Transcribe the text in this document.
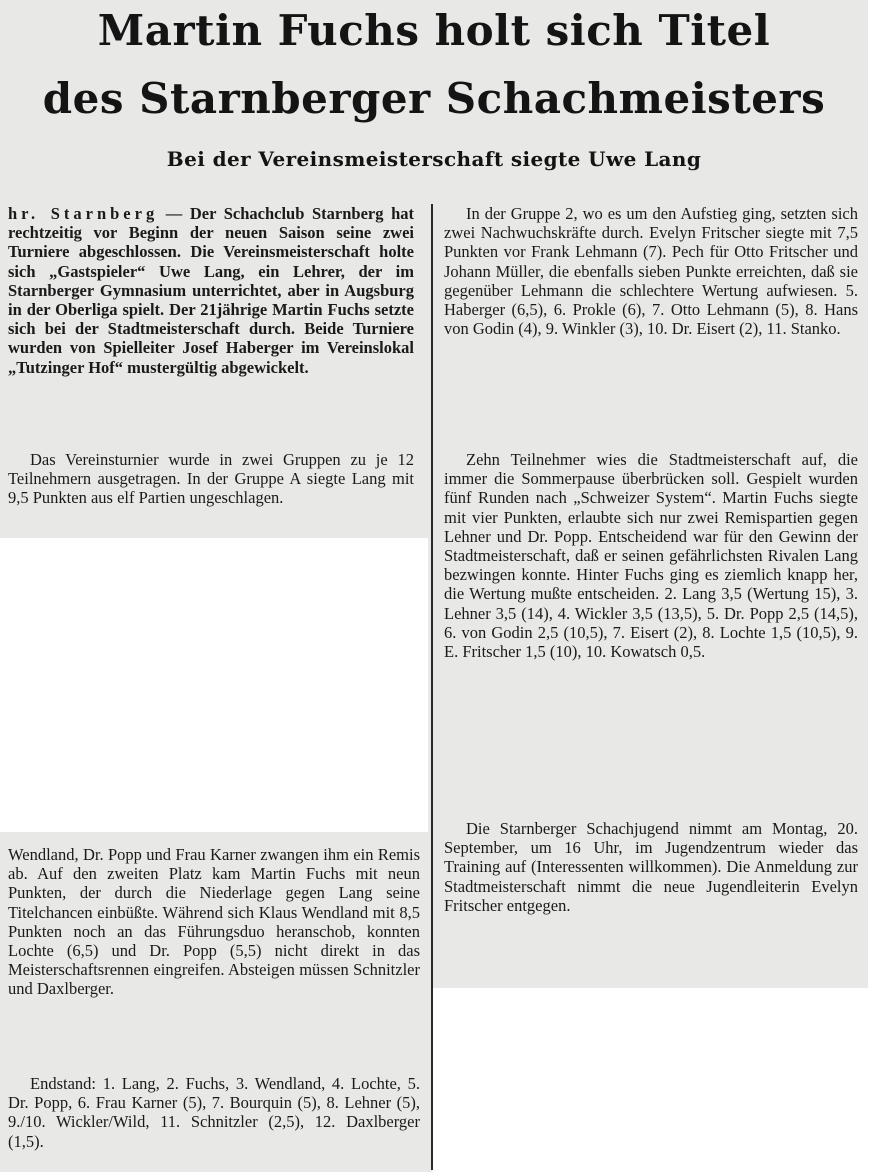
Martin Fuchs holt sich Titel
des Starnberger Schachmeisters
Bei der Vereinsmeisterschaft siegte Uwe Lang

hr. Starnberg — Der Schachclub Starnberg hat rechtzeitig vor Beginn der neuen Saison seine zwei Turniere abgeschlossen. Die Vereinsmeisterschaft holte sich „Gastspieler“ Uwe Lang, ein Lehrer, der im Starnberger Gymnasium unterrichtet, aber in Augsburg in der Oberliga spielt. Der 21jährige Martin Fuchs setzte sich bei der Stadtmeisterschaft durch. Beide Turniere wurden von Spielleiter Josef Haberger im Vereinslokal „Tutzinger Hof“ mustergültig abgewickelt.

Das Vereinsturnier wurde in zwei Gruppen zu je 12 Teilnehmern ausgetragen. In der Gruppe A siegte Lang mit 9,5 Punkten aus elf Partien ungeschlagen.

Wendland, Dr. Popp und Frau Karner zwangen ihm ein Remis ab. Auf den zweiten Platz kam Martin Fuchs mit neun Punkten, der durch die Niederlage gegen Lang seine Titelchancen einbüßte. Während sich Klaus Wendland mit 8,5 Punkten noch an das Führungsduo heranschob, konnten Lochte (6,5) und Dr. Popp (5,5) nicht direkt in das Meisterschaftsrennen eingreifen. Absteigen müssen Schnitzler und Daxlberger.

Endstand: 1. Lang, 2. Fuchs, 3. Wendland, 4. Lochte, 5. Dr. Popp, 6. Frau Karner (5), 7. Bourquin (5), 8. Lehner (5), 9./10. Wickler/Wild, 11. Schnitzler (2,5), 12. Daxlberger (1,5).

In der Gruppe 2, wo es um den Aufstieg ging, setzten sich zwei Nachwuchskräfte durch. Evelyn Fritscher siegte mit 7,5 Punkten vor Frank Lehmann (7). Pech für Otto Fritscher und Johann Müller, die ebenfalls sieben Punkte erreichten, daß sie gegenüber Lehmann die schlechtere Wertung aufwiesen. 5. Haberger (6,5), 6. Prokle (6), 7. Otto Lehmann (5), 8. Hans von Godin (4), 9. Winkler (3), 10. Dr. Eisert (2), 11. Stanko.

Zehn Teilnehmer wies die Stadtmeisterschaft auf, die immer die Sommerpause überbrücken soll. Gespielt wurden fünf Runden nach „Schweizer System“. Martin Fuchs siegte mit vier Punkten, erlaubte sich nur zwei Remispartien gegen Lehner und Dr. Popp. Entscheidend war für den Gewinn der Stadtmeisterschaft, daß er seinen gefährlichsten Rivalen Lang bezwingen konnte. Hinter Fuchs ging es ziemlich knapp her, die Wertung mußte entscheiden. 2. Lang 3,5 (Wertung 15), 3. Lehner 3,5 (14), 4. Wickler 3,5 (13,5), 5. Dr. Popp 2,5 (14,5), 6. von Godin 2,5 (10,5), 7. Eisert (2), 8. Lochte 1,5 (10,5), 9. E. Fritscher 1,5 (10), 10. Kowatsch 0,5.

Die Starnberger Schachjugend nimmt am Montag, 20. September, um 16 Uhr, im Jugendzentrum wieder das Training auf (Interessenten willkommen). Die Anmeldung zur Stadtmeisterschaft nimmt die neue Jugendleiterin Evelyn Fritscher entgegen.
